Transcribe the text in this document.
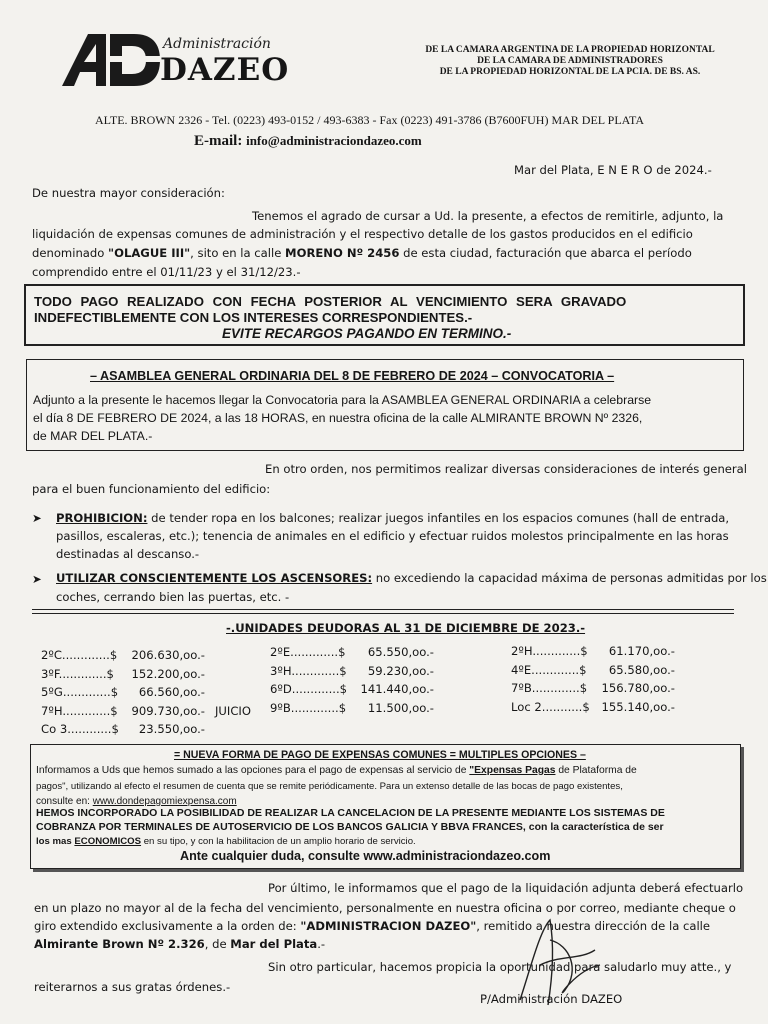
Administración
DAZEO
DE LA CAMARA ARGENTINA DE LA PROPIEDAD HORIZONTAL
DE LA CAMARA DE ADMINISTRADORES
DE LA PROPIEDAD HORIZONTAL DE LA PCIA. DE BS. AS.
ALTE. BROWN 2326 - Tel. (0223) 493-0152 / 493-6383 - Fax (0223) 491-3786 (B7600FUH) MAR DEL PLATA
E-mail: info@administraciondazeo.com
Mar del Plata, E N E R O de 2024.-
De nuestra mayor consideración:
Tenemos el agrado de cursar a Ud. la presente, a efectos de remitirle, adjunto, la
liquidación de expensas comunes de administración y el respectivo detalle de los gastos producidos en el edificio
denominado "OLAGUE III", sito en la calle MORENO Nº 2456 de esta ciudad, facturación que abarca el período
comprendido entre el 01/11/23 y el 31/12/23.-
TODO PAGO REALIZADO CON FECHA POSTERIOR AL VENCIMIENTO SERA GRAVADO
INDEFECTIBLEMENTE CON LOS INTERESES CORRESPONDIENTES.-
EVITE RECARGOS PAGANDO EN TERMINO.-
– ASAMBLEA GENERAL ORDINARIA DEL 8 DE FEBRERO DE 2024 – CONVOCATORIA –
Adjunto a la presente le hacemos llegar la Convocatoria para la ASAMBLEA GENERAL ORDINARIA a celebrarse
el día 8 DE FEBRERO DE 2024, a las 18 HORAS, en nuestra oficina de la calle ALMIRANTE BROWN Nº 2326,
de MAR DEL PLATA.-
En otro orden, nos permitimos realizar diversas consideraciones de interés general
para el buen funcionamiento del edificio:
➤ PROHIBICION: de tender ropa en los balcones; realizar juegos infantiles en los espacios comunes (hall de entrada,
pasillos, escaleras, etc.); tenencia de animales en el edificio y efectuar ruidos molestos principalmente en las horas
destinadas al descanso.-
➤ UTILIZAR CONSCIENTEMENTE LOS ASCENSORES: no excediendo la capacidad máxima de personas admitidas por los
coches, cerrando bien las puertas, etc. -
-.UNIDADES DEUDORAS AL 31 DE DICIEMBRE DE 2023.-
2ºC.............$ 206.630,oo.-
3ºF.............$ 152.200,oo.-
5ºG.............$ 66.560,oo.-
7ºH.............$ 909.730,oo.- JUICIO
Co 3............$ 23.550,oo.-
2ºE.............$ 65.550,oo.-
3ºH.............$ 59.230,oo.-
6ºD.............$ 141.440,oo.-
9ºB.............$ 11.500,oo.-
2ºH.............$ 61.170,oo.-
4ºE.............$ 65.580,oo.-
7ºB.............$ 156.780,oo.-
Loc 2...........$ 155.140,oo.-
= NUEVA FORMA DE PAGO DE EXPENSAS COMUNES = MULTIPLES OPCIONES –
Informamos a Uds que hemos sumado a las opciones para el pago de expensas al servicio de "Expensas Pagas de Plataforma de
pagos", utilizando al efecto el resumen de cuenta que se remite periódicamente. Para un extenso detalle de las bocas de pago existentes,
consulte en: www.dondepagomiexpensa.com
HEMOS INCORPORADO LA POSIBILIDAD DE REALIZAR LA CANCELACION DE LA PRESENTE MEDIANTE LOS SISTEMAS DE
COBRANZA POR TERMINALES DE AUTOSERVICIO DE LOS BANCOS GALICIA Y BBVA FRANCES, con la característica de ser
los mas ECONOMICOS en su tipo, y con la habilitacion de un amplio horario de servicio.
Ante cualquier duda, consulte www.administraciondazeo.com
Por último, le informamos que el pago de la liquidación adjunta deberá efectuarlo
en un plazo no mayor al de la fecha del vencimiento, personalmente en nuestra oficina o por correo, mediante cheque o
giro extendido exclusivamente a la orden de: "ADMINISTRACION DAZEO", remitido a nuestra dirección de la calle
Almirante Brown Nº 2.326, de Mar del Plata.-
Sin otro particular, hacemos propicia la oportunidad para saludarlo muy atte., y
reiterarnos a sus gratas órdenes.-
P/Administración DAZEO
